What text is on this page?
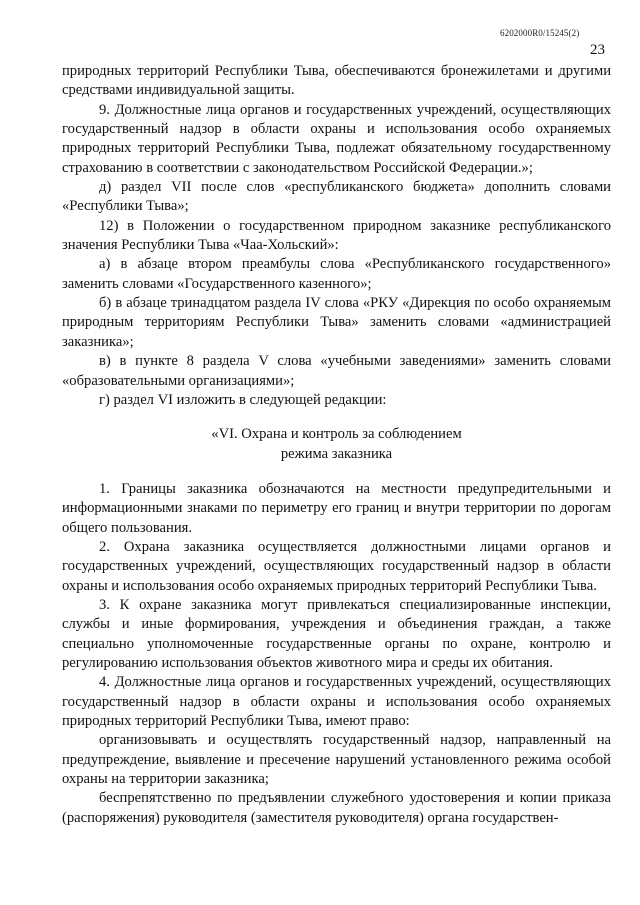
6202000R0/15245(2)
23

природных территорий Республики Тыва, обеспечиваются бронежилетами и другими средствами индивидуальной защиты.

9. Должностные лица органов и государственных учреждений, осуществляющих государственный надзор в области охраны и использования особо охраняемых природных территорий Республики Тыва, подлежат обязательному государственному страхованию в соответствии с законодательством Российской Федерации.»;

д) раздел VII после слов «республиканского бюджета» дополнить словами «Республики Тыва»;

12) в Положении о государственном природном заказнике республиканского значения Республики Тыва «Чаа-Хольский»:

а) в абзаце втором преамбулы слова «Республиканского государственного» заменить словами «Государственного казенного»;

б) в абзаце тринадцатом раздела IV слова «РКУ «Дирекция по особо охраняемым природным территориям Республики Тыва» заменить словами «администрацией заказника»;

в) в пункте 8 раздела V слова «учебными заведениями» заменить словами «образовательными организациями»;

г) раздел VI изложить в следующей редакции:

«VI. Охрана и контроль за соблюдением
режима заказника

1. Границы заказника обозначаются на местности предупредительными и информационными знаками по периметру его границ и внутри территории по дорогам общего пользования.

2. Охрана заказника осуществляется должностными лицами органов и государственных учреждений, осуществляющих государственный надзор в области охраны и использования особо охраняемых природных территорий Республики Тыва.

3. К охране заказника могут привлекаться специализированные инспекции, службы и иные формирования, учреждения и объединения граждан, а также специально уполномоченные государственные органы по охране, контролю и регулированию использования объектов животного мира и среды их обитания.

4. Должностные лица органов и государственных учреждений, осуществляющих государственный надзор в области охраны и использования особо охраняемых природных территорий Республики Тыва, имеют право:

организовывать и осуществлять государственный надзор, направленный на предупреждение, выявление и пресечение нарушений установленного режима особой охраны на территории заказника;

беспрепятственно по предъявлении служебного удостоверения и копии приказа (распоряжения) руководителя (заместителя руководителя) органа государствен-
